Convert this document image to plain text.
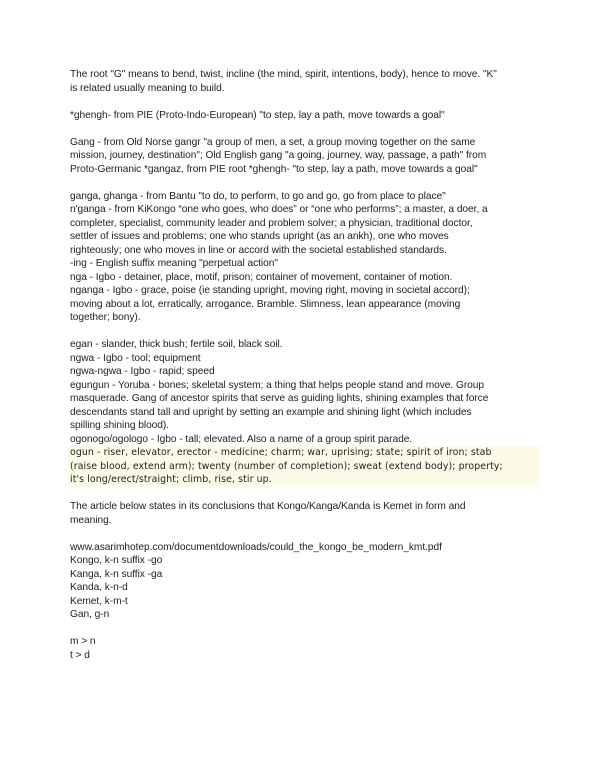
The root "G" means to bend, twist, incline (the mind, spirit, intentions, body), hence to move. "K"
is related usually meaning to build.
*ghengh- from PIE (Proto-Indo-European) "to step, lay a path, move towards a goal"
Gang - from Old Norse gangr "a group of men, a set, a group moving together on the same
mission, journey, destination"; Old English gang "a going, journey, way, passage, a path" from
Proto-Germanic *gangaz, from PIE root *ghengh- "to step, lay a path, move towards a goal"
ganga, ghanga - from Bantu "to do, to perform, to go and go, go from place to place"
n'ganga - from KiKongo “one who goes, who does” or “one who performs”; a master, a doer, a
completer, specialist, community leader and problem solver; a physician, traditional doctor,
settler of issues and problems; one who stands upright (as an ankh), one who moves
righteously; one who moves in line or accord with the societal established standards.
-ing - English suffix meaning "perpetual action"
nga - Igbo - detainer, place, motif, prison; container of movement, container of motion.
nganga - Igbo - grace, poise (ie standing upright, moving right, moving in societal accord);
moving about a lot, erratically, arrogance. Bramble. Slimness, lean appearance (moving
together; bony).
egan - slander, thick bush; fertile soil, black soil.
ngwa - Igbo - tool; equipment
ngwa-ngwa - Igbo - rapid; speed
egungun - Yoruba - bones; skeletal system; a thing that helps people stand and move. Group
masquerade. Gang of ancestor spirits that serve as guiding lights, shining examples that force
descendants stand tall and upright by setting an example and shining light (which includes
spilling shining blood).
ogonogo/ogologo - Igbo - tall; elevated. Also a name of a group spirit parade.
ogun - riser, elevator, erector - medicine; charm; war, uprising; state; spirit of iron; stab
(raise blood, extend arm); twenty (number of completion); sweat (extend body); property;
it's long/erect/straight; climb, rise, stir up.
The article below states in its conclusions that Kongo/Kanga/Kanda is Kemet in form and
meaning.
www.asarimhotep.com/documentdownloads/could_the_kongo_be_modern_kmt.pdf
Kongo, k-n suffix -go
Kanga, k-n suffix -ga
Kanda, k-n-d
Kemet, k-m-t
Gan, g-n
m > n
t > d
